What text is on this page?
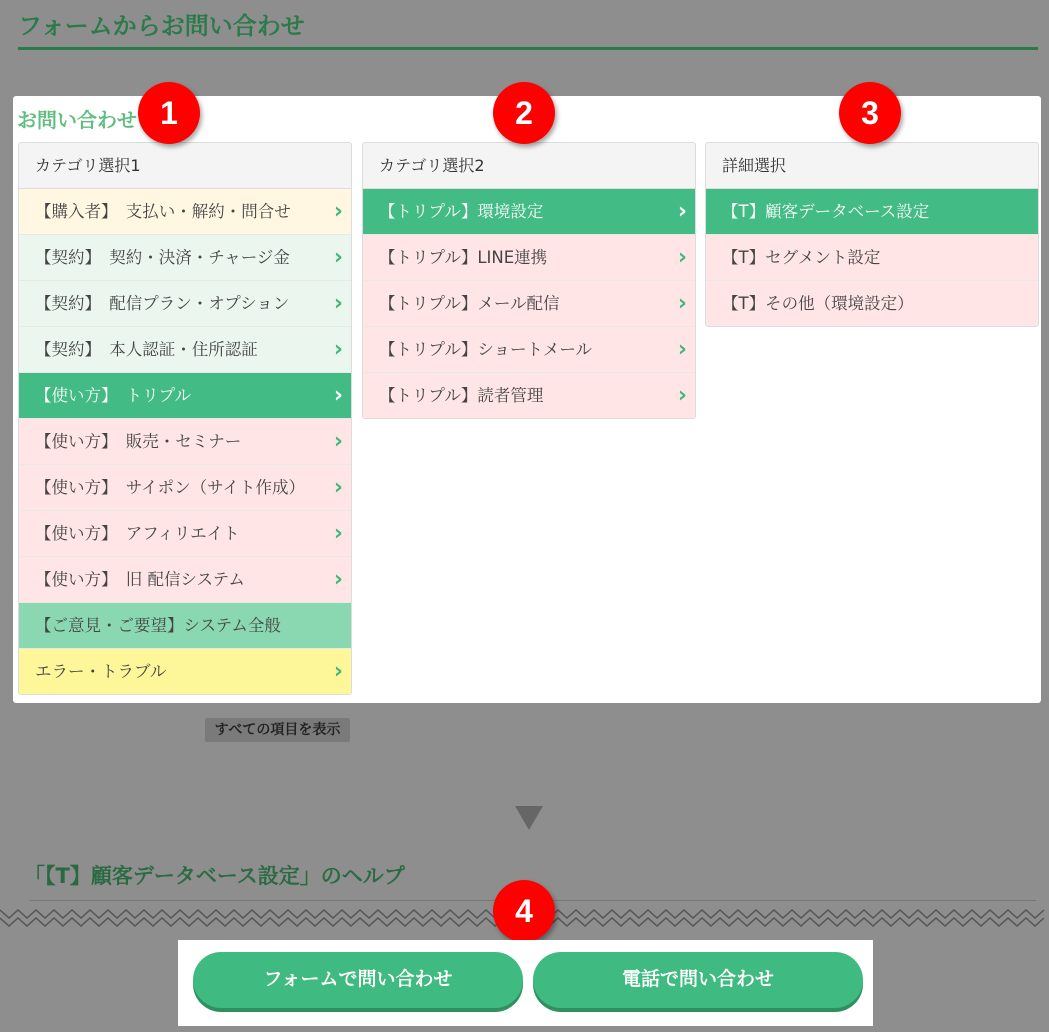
フォームからお問い合わせ
お問い合わせ
カテゴリ選択1
【購入者】　支払い・解約・問合せ ›
【契約】　契約・決済・チャージ金 ›
【契約】　配信プラン・オプション ›
【契約】　本人認証・住所認証	›
【使い方】　トリプル	›
【使い方】　販売・セミナー	›
【使い方】　サイポン（サイト作成） ›
【使い方】　アフィリエイト	›
【使い方】　旧 配信システム	›
【ご意見・ご要望】システム全般
エラー・トラブル	›
カテゴリ選択2
【トリプル】環境設定	›
【トリプル】LINE連携	›
【トリプル】メール配信	›
【トリプル】ショートメール	›
【トリプル】読者管理	›
詳細選択
【T】顧客データベース設定
【T】セグメント設定
【T】その他（環境設定）
1	2	3
すべての項目を表示
「【T】顧客データベース設定」のヘルプ
4
フォームで問い合わせ	電話で問い合わせ
